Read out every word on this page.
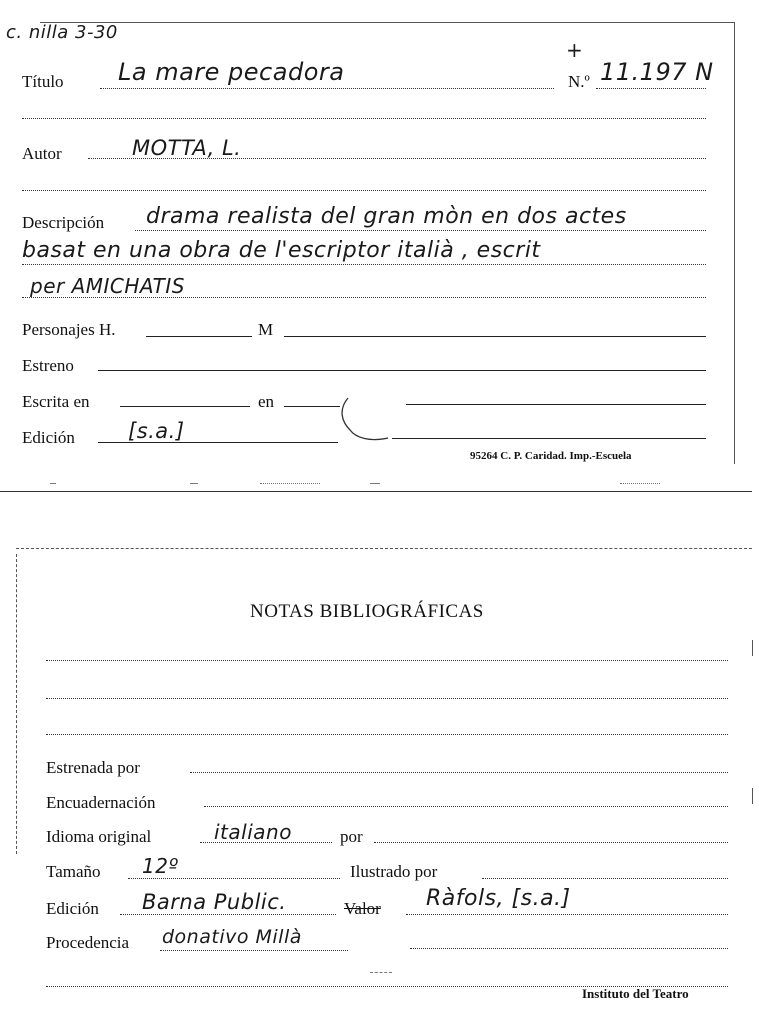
c. nilla 3-30
Título La mare pecadora
+
N.º 11.197 N
Autor	MOTTA, L.
Descripción drama realista del gran mòn en dos actes
basat en una obra de l'escriptor italià , escrit
per AMICHATIS
Personajes H.	M
Estreno
Escrita en	en
Edición	[s.a.]
95264 C. P. Caridad. Imp.-Escuela
NOTAS BIBLIOGRÁFICAS
Estrenada por
Encuadernación
Idioma original	italiano	por
Tamaño 12º	Ilustrado por
Edición Barna Public.	Valor Ràfols, [s.a.]
Procedencia donativo Millà
Instituto del Teatro
